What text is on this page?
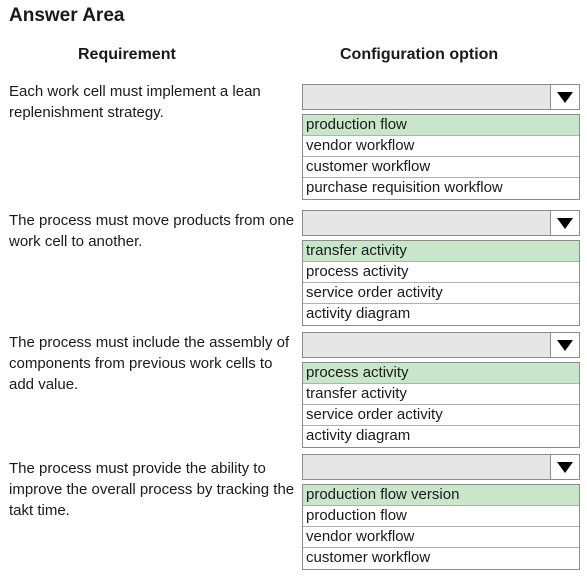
Answer Area
Requirement	Configuration option
Each work cell must implement a lean replenishment strategy.
production flow
vendor workflow
customer workflow
purchase requisition workflow
The process must move products from one work cell to another.
transfer activity
process activity
service order activity
activity diagram
The process must include the assembly of components from previous work cells to add value.
process activity
transfer activity
service order activity
activity diagram
The process must provide the ability to improve the overall process by tracking the takt time.
production flow version
production flow
vendor workflow
customer workflow
